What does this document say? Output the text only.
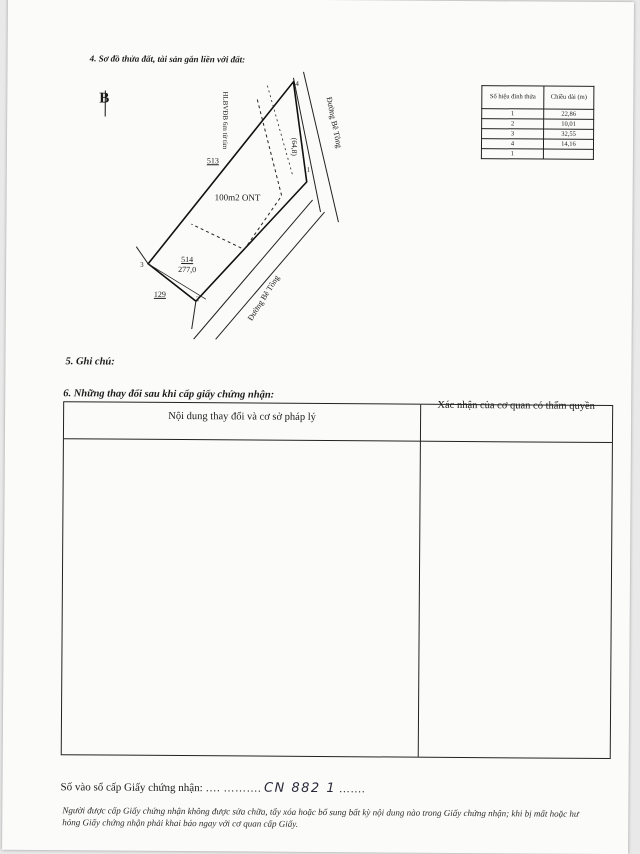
4. Sơ đồ thửa đất, tài sản gắn liền với đất:
B
513
514
277,0
129
100m2 ONT
HLBVĐB 6m từ tim	(64,8)	Đường Bê Tông
Đường Bê Tông
1
2
3
4
Số hiệu đỉnh thửa	Chiều dài (m)
1	22,86
2	10,01
3	32,55
4	14,16
1	
5. Ghi chú:
6. Những thay đổi sau khi cấp giấy chứng nhận:
Nội dung thay đổi và cơ sở pháp lý
Xác nhận của cơ quan có thẩm quyền
Số vào sổ cấp Giấy chứng nhận: …. ………. CN 882 1 …….
Người được cấp Giấy chứng nhận không được sửa chữa, tẩy xóa hoặc bổ sung bất kỳ nội dung nào trong Giấy chứng nhận; khi bị mất hoặc hư hỏng Giấy chứng nhận phải khai báo ngay với cơ quan cấp Giấy.
